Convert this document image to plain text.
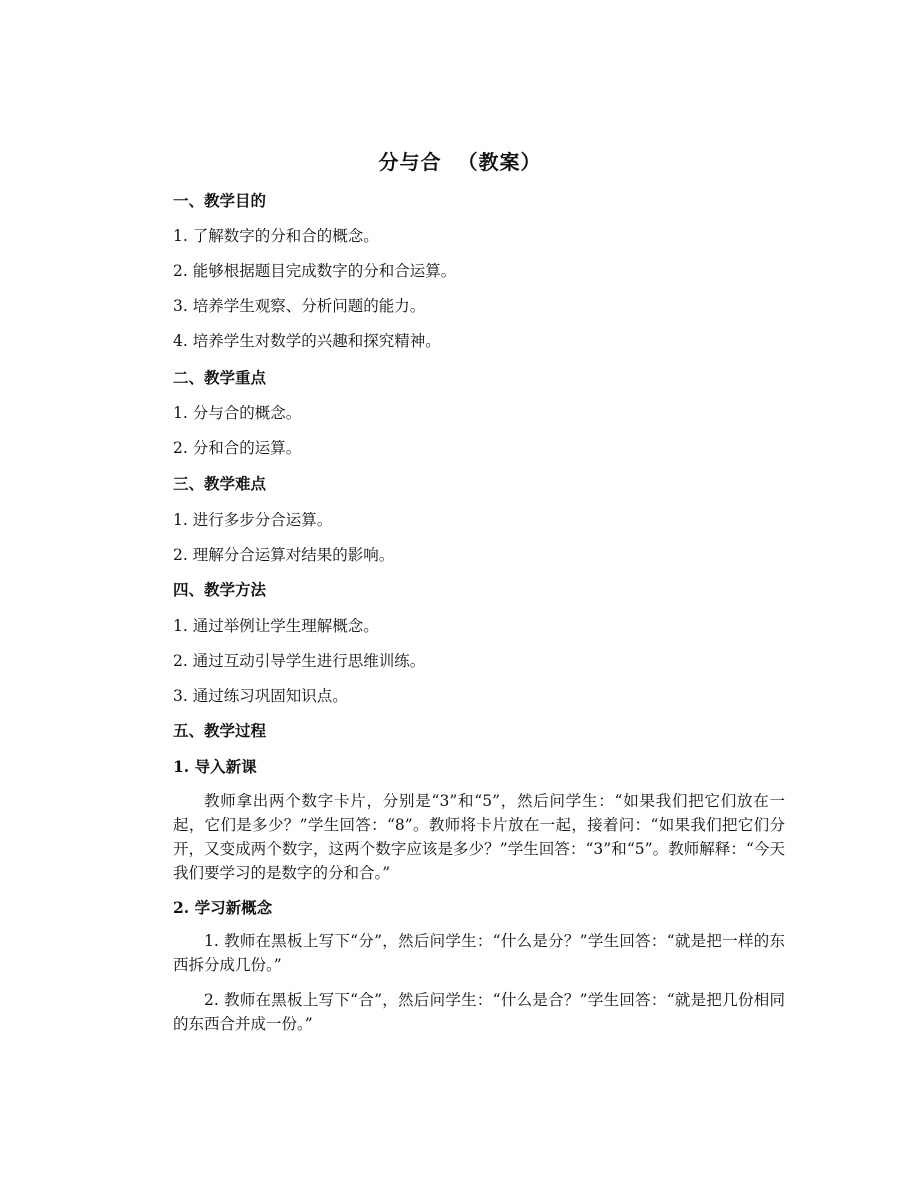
分与合  （教案）
一、教学目的
1. 了解数字的分和合的概念。
2. 能够根据题目完成数字的分和合运算。
3. 培养学生观察、分析问题的能力。
4. 培养学生对数学的兴趣和探究精神。
二、教学重点
1. 分与合的概念。
2. 分和合的运算。
三、教学难点
1. 进行多步分合运算。
2. 理解分合运算对结果的影响。
四、教学方法
1. 通过举例让学生理解概念。
2. 通过互动引导学生进行思维训练。
3. 通过练习巩固知识点。
五、教学过程
1. 导入新课
教师拿出两个数字卡片，分别是“3”和“5”，然后问学生：“如果我们把它们放在一起，它们是多少？”学生回答：“8”。教师将卡片放在一起，接着问：“如果我们把它们分开，又变成两个数字，这两个数字应该是多少？”学生回答：“3”和“5”。教师解释：“今天我们要学习的是数字的分和合。”
2. 学习新概念
1. 教师在黑板上写下“分”，然后问学生：“什么是分？”学生回答：“就是把一样的东西拆分成几份。”
2. 教师在黑板上写下“合”，然后问学生：“什么是合？”学生回答：“就是把几份相同的东西合并成一份。”
